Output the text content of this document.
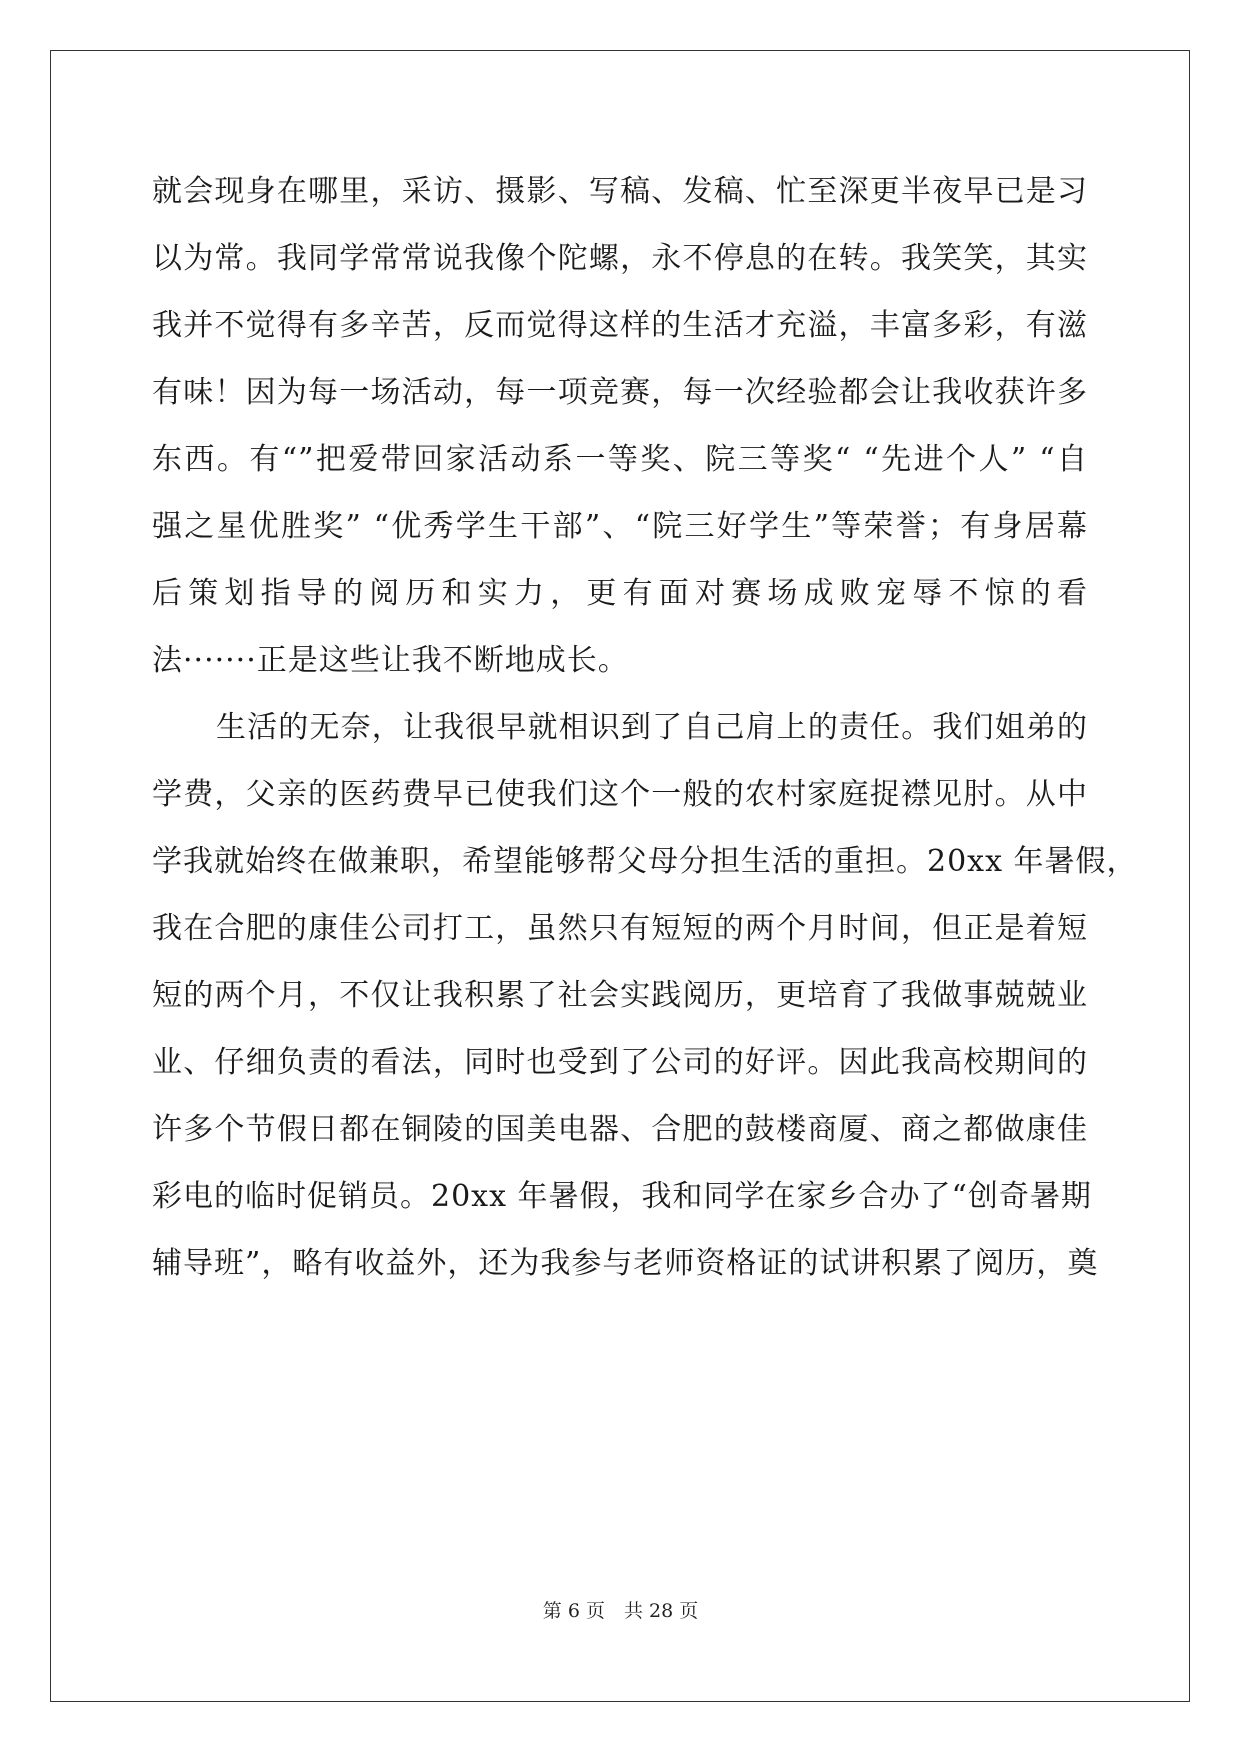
就会现身在哪里，采访、摄影、写稿、发稿、忙至深更半夜早已是习
以为常。我同学常常说我像个陀螺，永不停息的在转。我笑笑，其实
我并不觉得有多辛苦，反而觉得这样的生活才充溢，丰富多彩，有滋
有味！因为每一场活动，每一项竞赛，每一次经验都会让我收获许多
东西。有“”把爱带回家活动系一等奖、院三等奖“ “先进个人” “自
强之星优胜奖” “优秀学生干部”、“院三好学生”等荣誉；有身居幕
后策划指导的阅历和实力，更有面对赛场成败宠辱不惊的看
法·······正是这些让我不断地成长。
生活的无奈，让我很早就相识到了自己肩上的责任。我们姐弟的
学费，父亲的医药费早已使我们这个一般的农村家庭捉襟见肘。从中
学我就始终在做兼职，希望能够帮父母分担生活的重担。20xx 年暑假，
我在合肥的康佳公司打工，虽然只有短短的两个月时间，但正是着短
短的两个月，不仅让我积累了社会实践阅历，更培育了我做事兢兢业
业、仔细负责的看法，同时也受到了公司的好评。因此我高校期间的
许多个节假日都在铜陵的国美电器、合肥的鼓楼商厦、商之都做康佳
彩电的临时促销员。20xx 年暑假，我和同学在家乡合办了“创奇暑期
辅导班”，略有收益外，还为我参与老师资格证的试讲积累了阅历，奠
第 6 页　共 28 页
